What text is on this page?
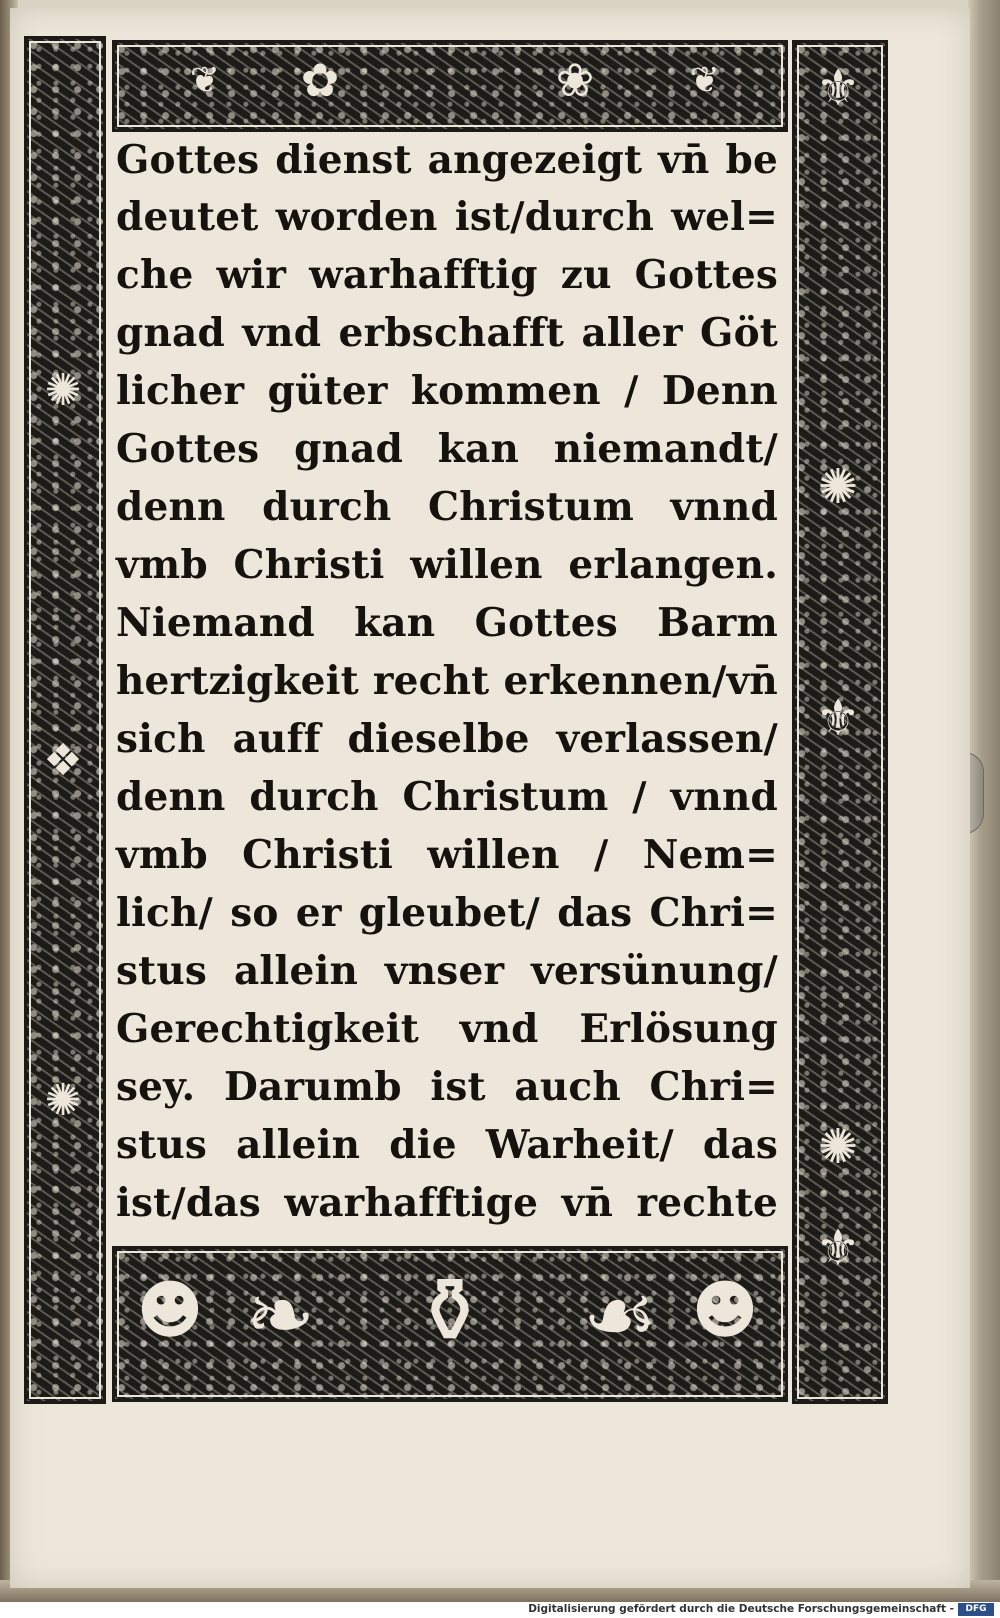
✿	❀
❦	❦
☻ ❧ ⚱ ☙ ☻
✺
✺
❖
⚜
✺
⚜
✺
⚜
Gottes dienst angezeigt vn̄ be
deutet worden ist/durch wel=
che wir warhafftig zu Gottes
gnad vnd erbschafft aller Göt
licher güter kommen / Denn
Gottes gnad kan niemandt/
denn durch Christum vnnd
vmb Christi willen erlangen.
Niemand kan Gottes Barm
hertzigkeit recht erkennen/vn̄
sich auff dieselbe verlassen/
denn durch Christum / vnnd
vmb Christi willen / Nem=
lich/ so er gleubet/ das Chri=
stus allein vnser versünung/
Gerechtigkeit vnd Erlösung
sey. Darumb ist auch Chri=
stus allein die Warheit/ das
ist/das warhafftige vn̄ rechte
Digitalisierung gefördert durch die Deutsche Forschungsgemeinschaft -	DFG
